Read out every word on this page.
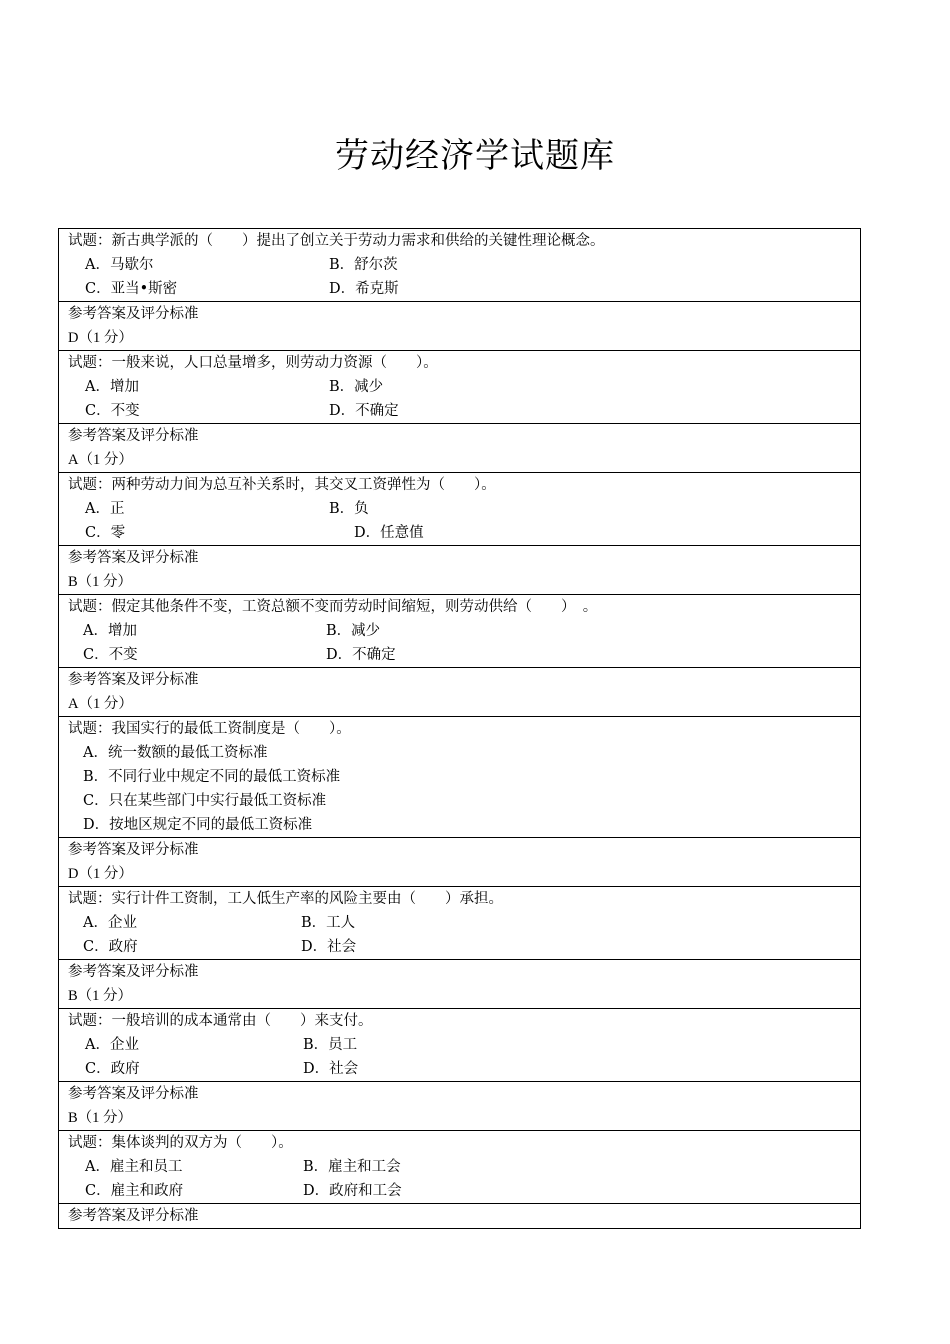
劳动经济学试题库
试题：新古典学派的（　　）提出了创立关于劳动力需求和供给的关键性理论概念。
A．马歇尔	B．舒尔茨
C．亚当•斯密	D．希克斯
参考答案及评分标准
D（1 分）
试题：一般来说，人口总量增多，则劳动力资源（　　）。
A．增加	B．减少
C．不变	D．不确定
参考答案及评分标准
A（1 分）
试题：两种劳动力间为总互补关系时，其交叉工资弹性为（　　）。
A．正	B．负
C．零	D．任意值
参考答案及评分标准
B（1 分）
试题：假定其他条件不变，工资总额不变而劳动时间缩短，则劳动供给（　　）　。
A．增加	B．减少
C．不变	D．不确定
参考答案及评分标准
A（1 分）
试题：我国实行的最低工资制度是（　　）。
A．统一数额的最低工资标准
B．不同行业中规定不同的最低工资标准
C．只在某些部门中实行最低工资标准
D．按地区规定不同的最低工资标准
参考答案及评分标准
D（1 分）
试题：实行计件工资制，工人低生产率的风险主要由（　　）承担。
A．企业	B．工人
C．政府	D．社会
参考答案及评分标准
B（1 分）
试题：一般培训的成本通常由（　　）来支付。
A．企业	B．员工
C．政府	D．社会
参考答案及评分标准
B（1 分）
试题：集体谈判的双方为（　　）。
A．雇主和员工	B．雇主和工会
C．雇主和政府	D．政府和工会
参考答案及评分标准
